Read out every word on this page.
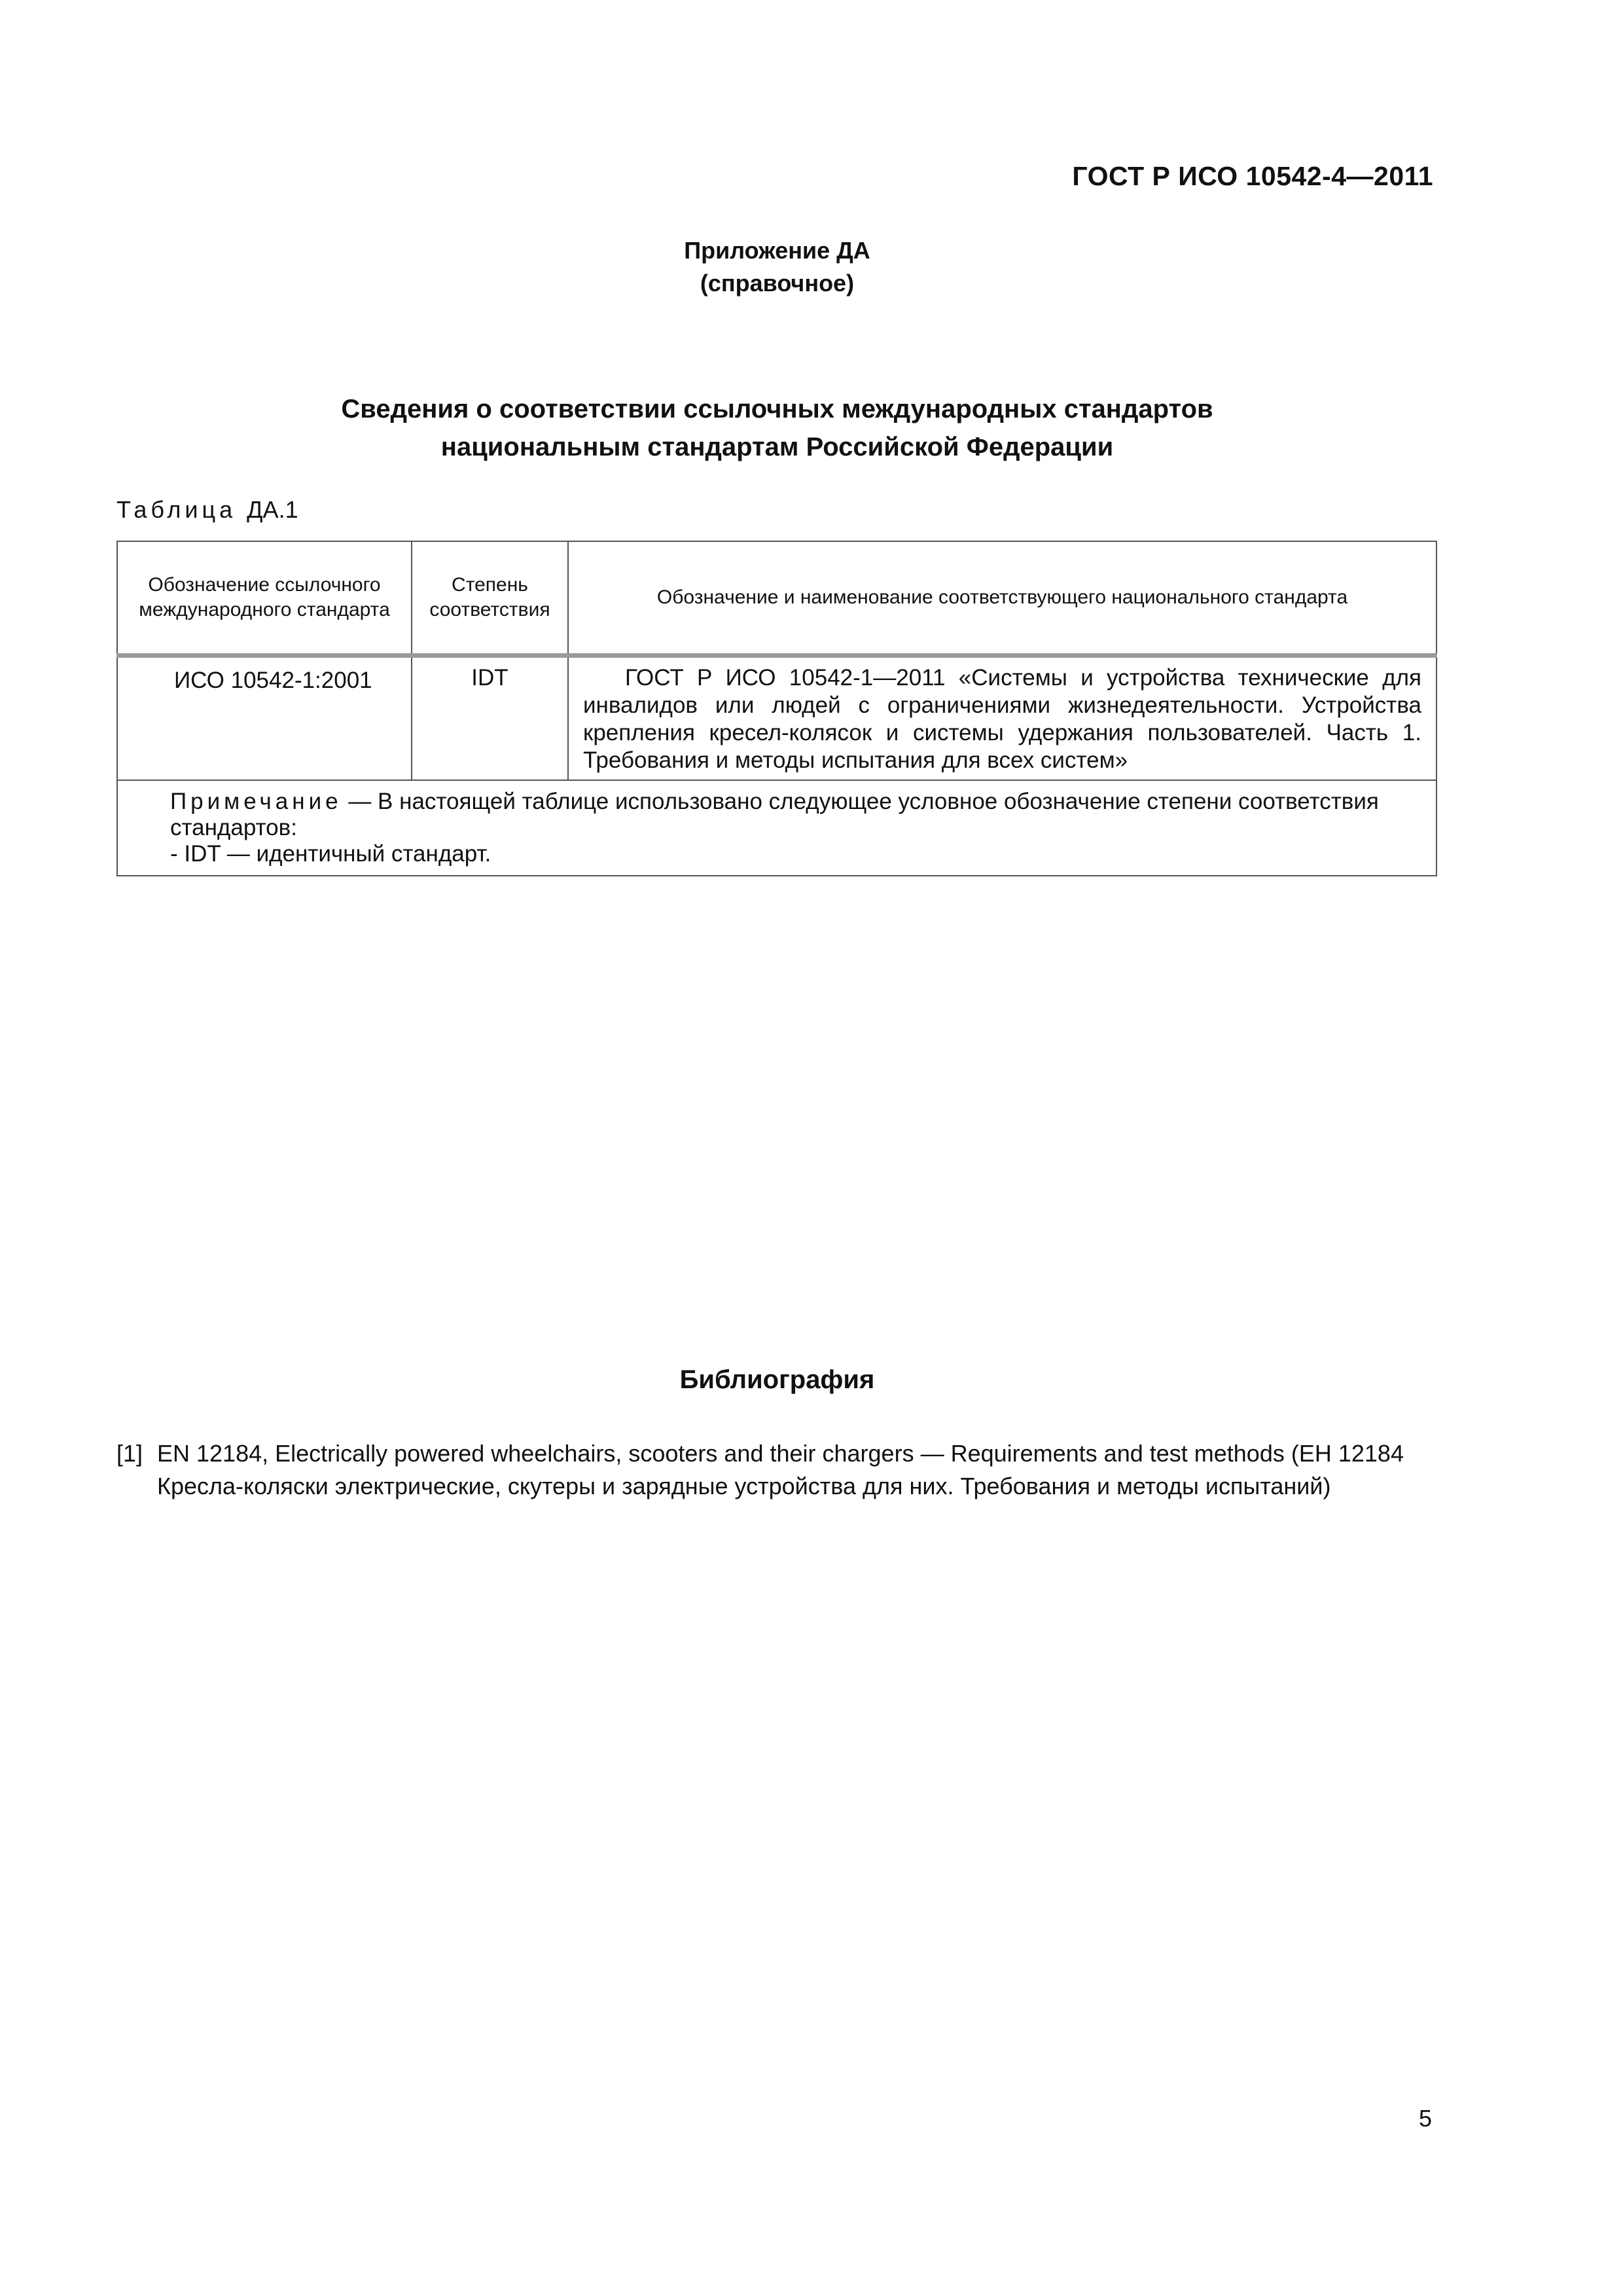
ГОСТ Р ИСО 10542-4—2011
Приложение ДА
(справочное)
Сведения о соответствии ссылочных международных стандартов
национальным стандартам Российской Федерации
Таблица ДА.1
Обозначение ссылочного международного стандарта	Степень соответствия	Обозначение и наименование соответствующего национального стандарта
ИСО 10542-1:2001	IDT	ГОСТ Р ИСО 10542-1—2011 «Системы и устройства технические для инвалидов или людей с ограничениями жизнедеятельности. Устройства крепления кресел-колясок и системы удержания пользователей. Часть 1. Требования и методы испытания для всех систем»
Примечание — В настоящей таблице использовано следующее условное обозначение степени соответствия стандартов:
- IDT — идентичный стандарт.		
Библиография
[1] EN 12184, Electrically powered wheelchairs, scooters and their chargers — Requirements and test methods (ЕН 12184
Кресла-коляски электрические, скутеры и зарядные устройства для них. Требования и методы испытаний)
5
